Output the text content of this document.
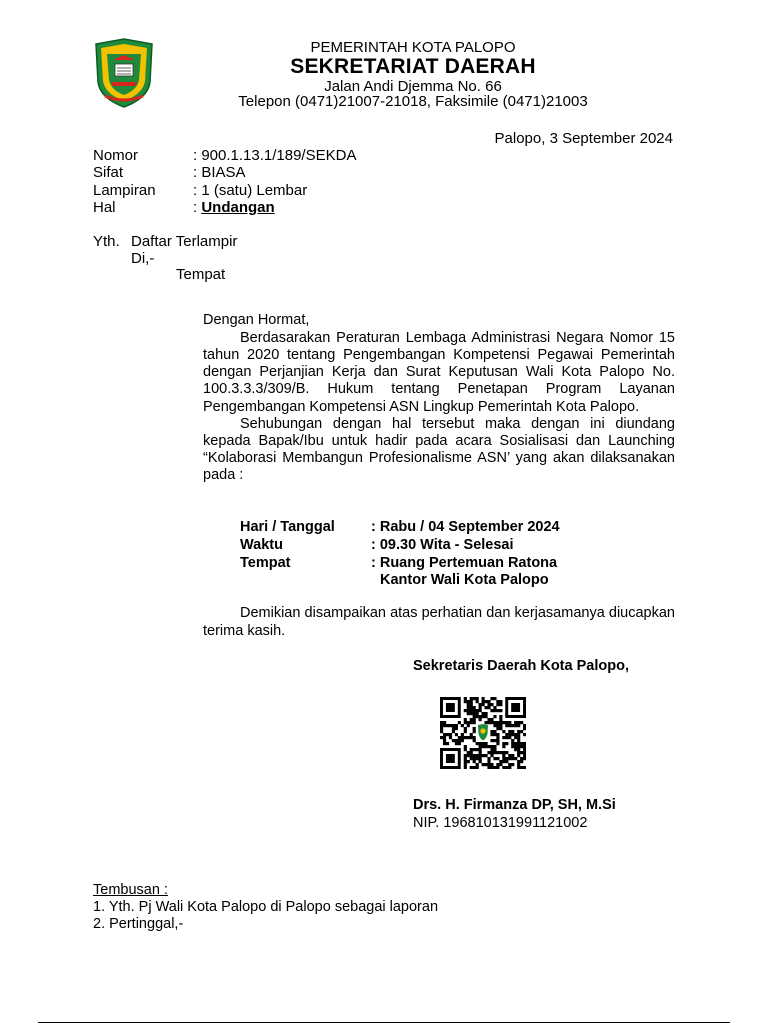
PEMERINTAH KOTA PALOPO
SEKRETARIAT DAERAH
Jalan Andi Djemma No. 66
Telepon (0471)21007-21018, Faksimile (0471)21003
Palopo, 3 September 2024
Nomor	: 900.1.13.1/189/SEKDA
Sifat	: BIASA
Lampiran : 1 (satu) Lembar
Hal	: Undangan
Yth. Daftar Terlampir
Di,-
Tempat

Dengan Hormat,

Berdasarakan Peraturan Lembaga Administrasi Negara Nomor 15 tahun 2020 tentang Pengembangan Kompetensi Pegawai Pemerintah dengan Perjanjian Kerja dan Surat Keputusan Wali Kota Palopo No. 100.3.3.3/309/B. Hukum tentang Penetapan Program Layanan Pengembangan Kompetensi ASN Lingkup Pemerintah Kota Palopo.

Sehubungan dengan hal tersebut maka dengan ini diundang kepada Bapak/Ibu untuk hadir pada acara Sosialisasi dan Launching “Kolaborasi Membangun Profesionalisme ASN’ yang akan dilaksanakan pada :

Hari / Tanggal : Rabu / 04 September 2024
Waktu	: 09.30 Wita - Selesai
Tempat	: Ruang Pertemuan Ratona
Kantor Wali Kota Palopo
Demikian disampaikan atas perhatian dan kerjasamanya diucapkan terima kasih.
Sekretaris Daerah Kota Palopo,
Drs. H. Firmanza DP, SH, M.Si
NIP. 196810131991121002
Tembusan :
1. Yth. Pj Wali Kota Palopo di Palopo sebagai laporan
2. Pertinggal,-
